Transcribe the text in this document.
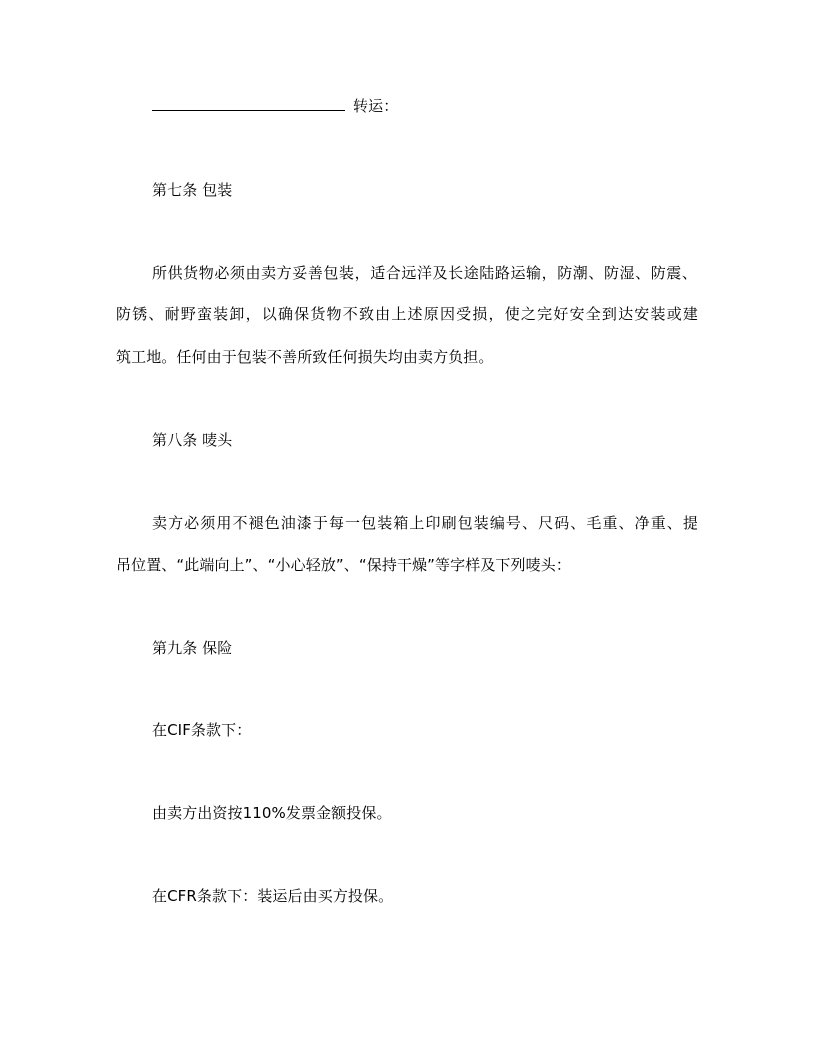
转运：
第七条 包装
所供货物必须由卖方妥善包装，适合远洋及长途陆路运输，防潮、防湿、防震、
防锈、耐野蛮装卸，以确保货物不致由上述原因受损，使之完好安全到达安装或建
筑工地。任何由于包装不善所致任何损失均由卖方负担。
第八条 唛头
卖方必须用不褪色油漆于每一包装箱上印刷包装编号、尺码、毛重、净重、提
吊位置、“此端向上”、“小心轻放”、“保持干燥”等字样及下列唛头：
第九条 保险
在CIF条款下：
由卖方出资按110%发票金额投保。
在CFR条款下：装运后由买方投保。
